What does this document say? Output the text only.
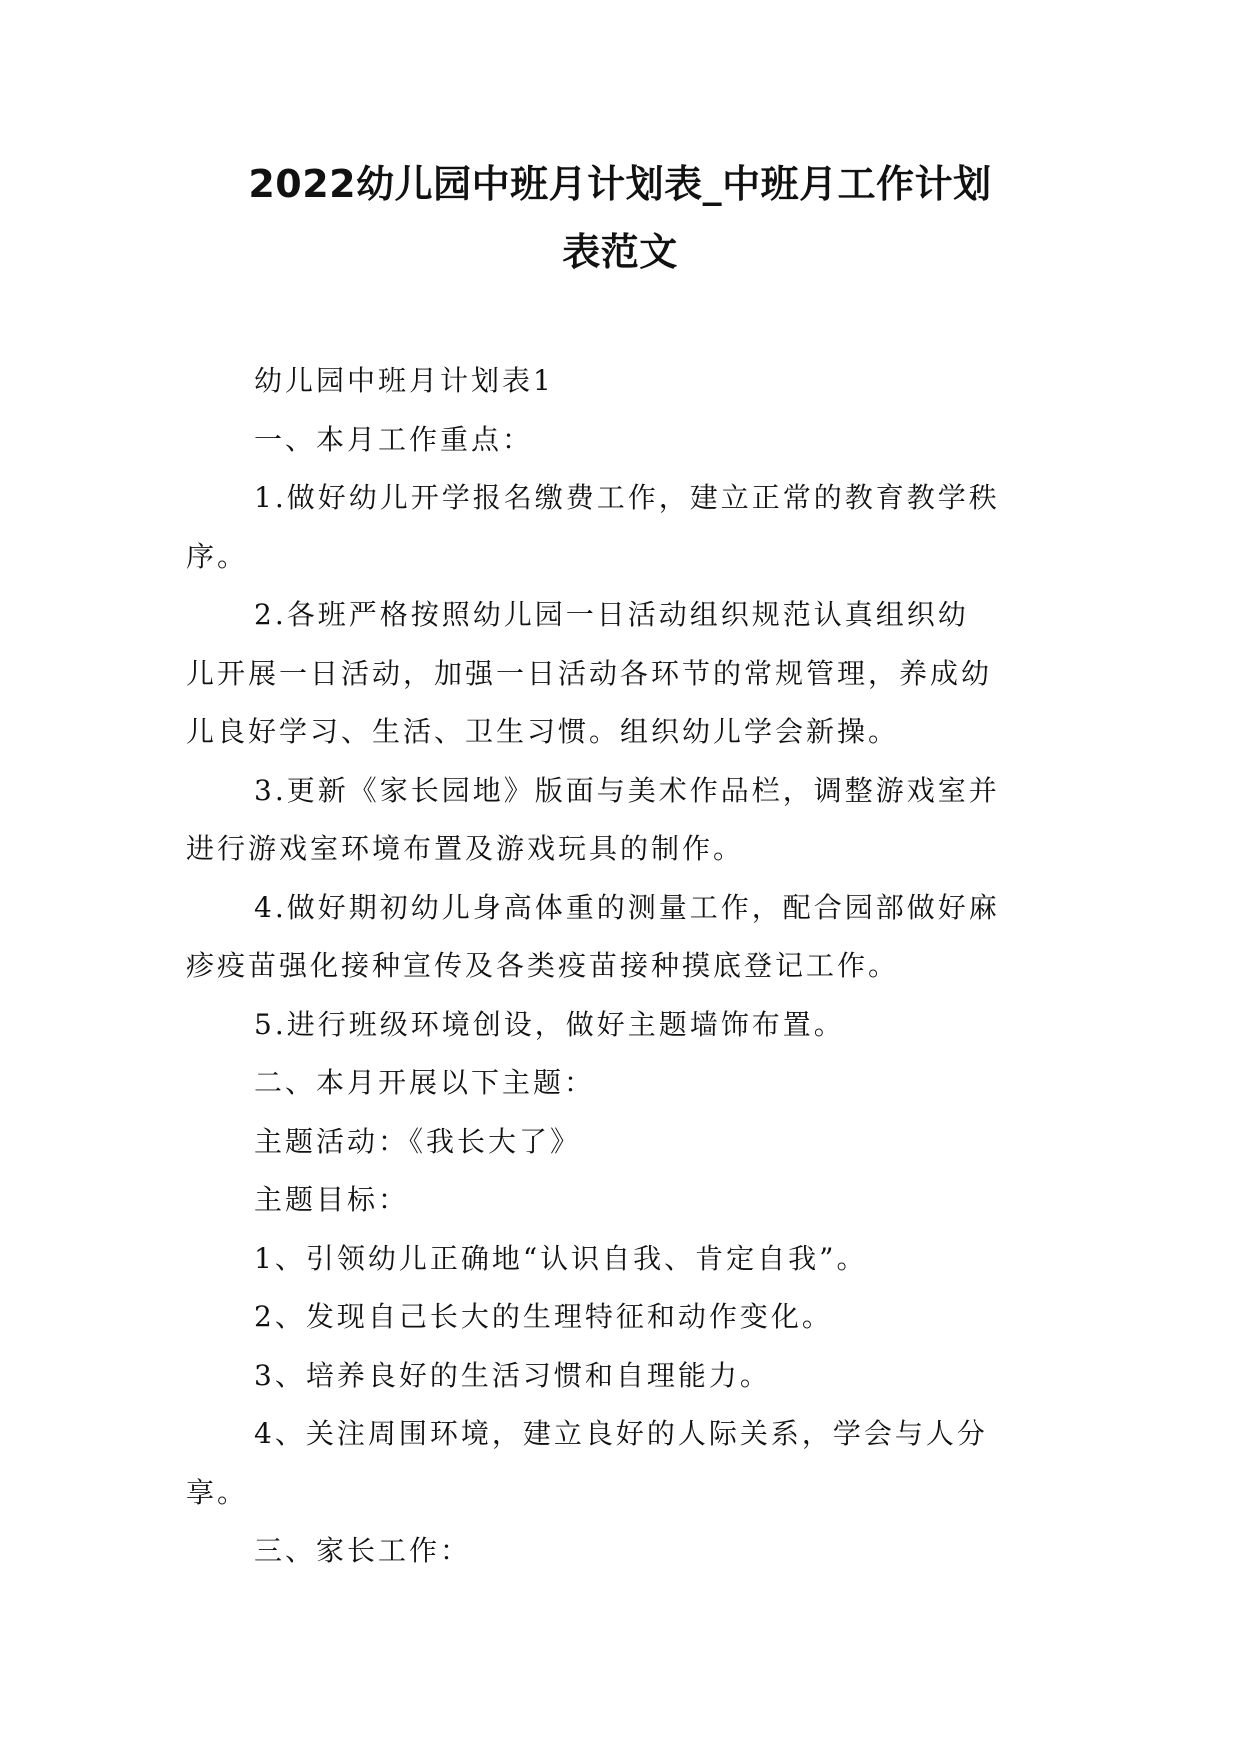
2022幼儿园中班月计划表_中班月工作计划
表范文

幼儿园中班月计划表1

一、本月工作重点：

1.做好幼儿开学报名缴费工作，建立正常的教育教学秩

序。

2.各班严格按照幼儿园一日活动组织规范认真组织幼

儿开展一日活动，加强一日活动各环节的常规管理，养成幼

儿良好学习、生活、卫生习惯。组织幼儿学会新操。

3.更新《家长园地》版面与美术作品栏，调整游戏室并

进行游戏室环境布置及游戏玩具的制作。

4.做好期初幼儿身高体重的测量工作，配合园部做好麻

疹疫苗强化接种宣传及各类疫苗接种摸底登记工作。

5.进行班级环境创设，做好主题墙饰布置。

二、本月开展以下主题：

主题活动：《我长大了》

主题目标：

1、引领幼儿正确地“认识自我、肯定自我”。

2、发现自己长大的生理特征和动作变化。

3、培养良好的生活习惯和自理能力。

4、关注周围环境，建立良好的人际关系，学会与人分

享。

三、家长工作：
